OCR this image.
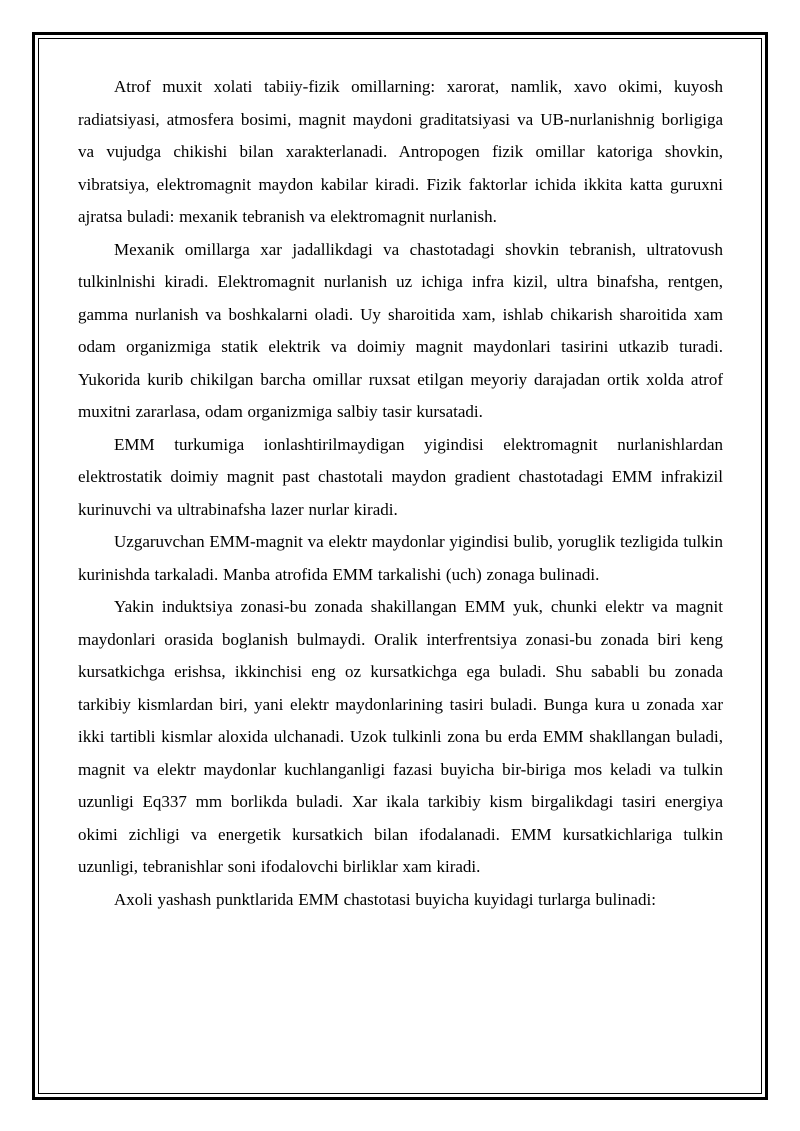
Atrof muxit xolati tabiiy-fizik omillarning: xarorat, namlik, xavo okimi, kuyosh radiatsiyasi, atmosfera bosimi, magnit maydoni graditatsiyasi va UB-nurlanishnig borligiga va vujudga chikishi bilan xarakterlanadi. Antropogen fizik omillar katoriga shovkin, vibratsiya, elektromagnit maydon kabilar kiradi. Fizik faktorlar ichida ikkita katta guruxni ajratsa buladi: mexanik tebranish va elektromagnit nurlanish.

Mexanik omillarga xar jadallikdagi va chastotadagi shovkin tebranish, ultratovush tulkinlnishi kiradi. Elektromagnit nurlanish uz ichiga infra kizil, ultra binafsha, rentgen, gamma nurlanish va boshkalarni oladi. Uy sharoitida xam, ishlab chikarish sharoitida xam odam organizmiga statik elektrik va doimiy magnit maydonlari tasirini utkazib turadi. Yukorida kurib chikilgan barcha omillar ruxsat etilgan meyoriy darajadan ortik xolda atrof muxitni zararlasa, odam organizmiga salbiy tasir kursatadi.

EMM turkumiga ionlashtirilmaydigan yigindisi elektromagnit nurlanishlardan elektrostatik doimiy magnit past chastotali maydon gradient chastotadagi EMM infrakizil kurinuvchi va ultrabinafsha lazer nurlar kiradi.

Uzgaruvchan EMM-magnit va elektr maydonlar yigindisi bulib, yoruglik tezligida tulkin kurinishda tarkaladi. Manba atrofida EMM tarkalishi (uch) zonaga bulinadi.

Yakin induktsiya zonasi-bu zonada shakillangan EMM yuk, chunki elektr va magnit maydonlari orasida boglanish bulmaydi. Oralik interfrentsiya zonasi-bu zonada biri keng kursatkichga erishsa, ikkinchisi eng oz kursatkichga ega buladi. Shu sababli bu zonada tarkibiy kismlardan biri, yani elektr maydonlarining tasiri buladi. Bunga kura u zonada xar ikki tartibli kismlar aloxida ulchanadi. Uzok tulkinli zona bu erda EMM shakllangan buladi, magnit va elektr maydonlar kuchlanganligi fazasi buyicha bir-biriga mos keladi va tulkin uzunligi Eq337 mm borlikda buladi. Xar ikala tarkibiy kism birgalikdagi tasiri energiya okimi zichligi va energetik kursatkich bilan ifodalanadi. EMM kursatkichlariga tulkin uzunligi, tebranishlar soni ifodalovchi birliklar xam kiradi.

Axoli yashash punktlarida EMM chastotasi buyicha kuyidagi turlarga bulinadi:
